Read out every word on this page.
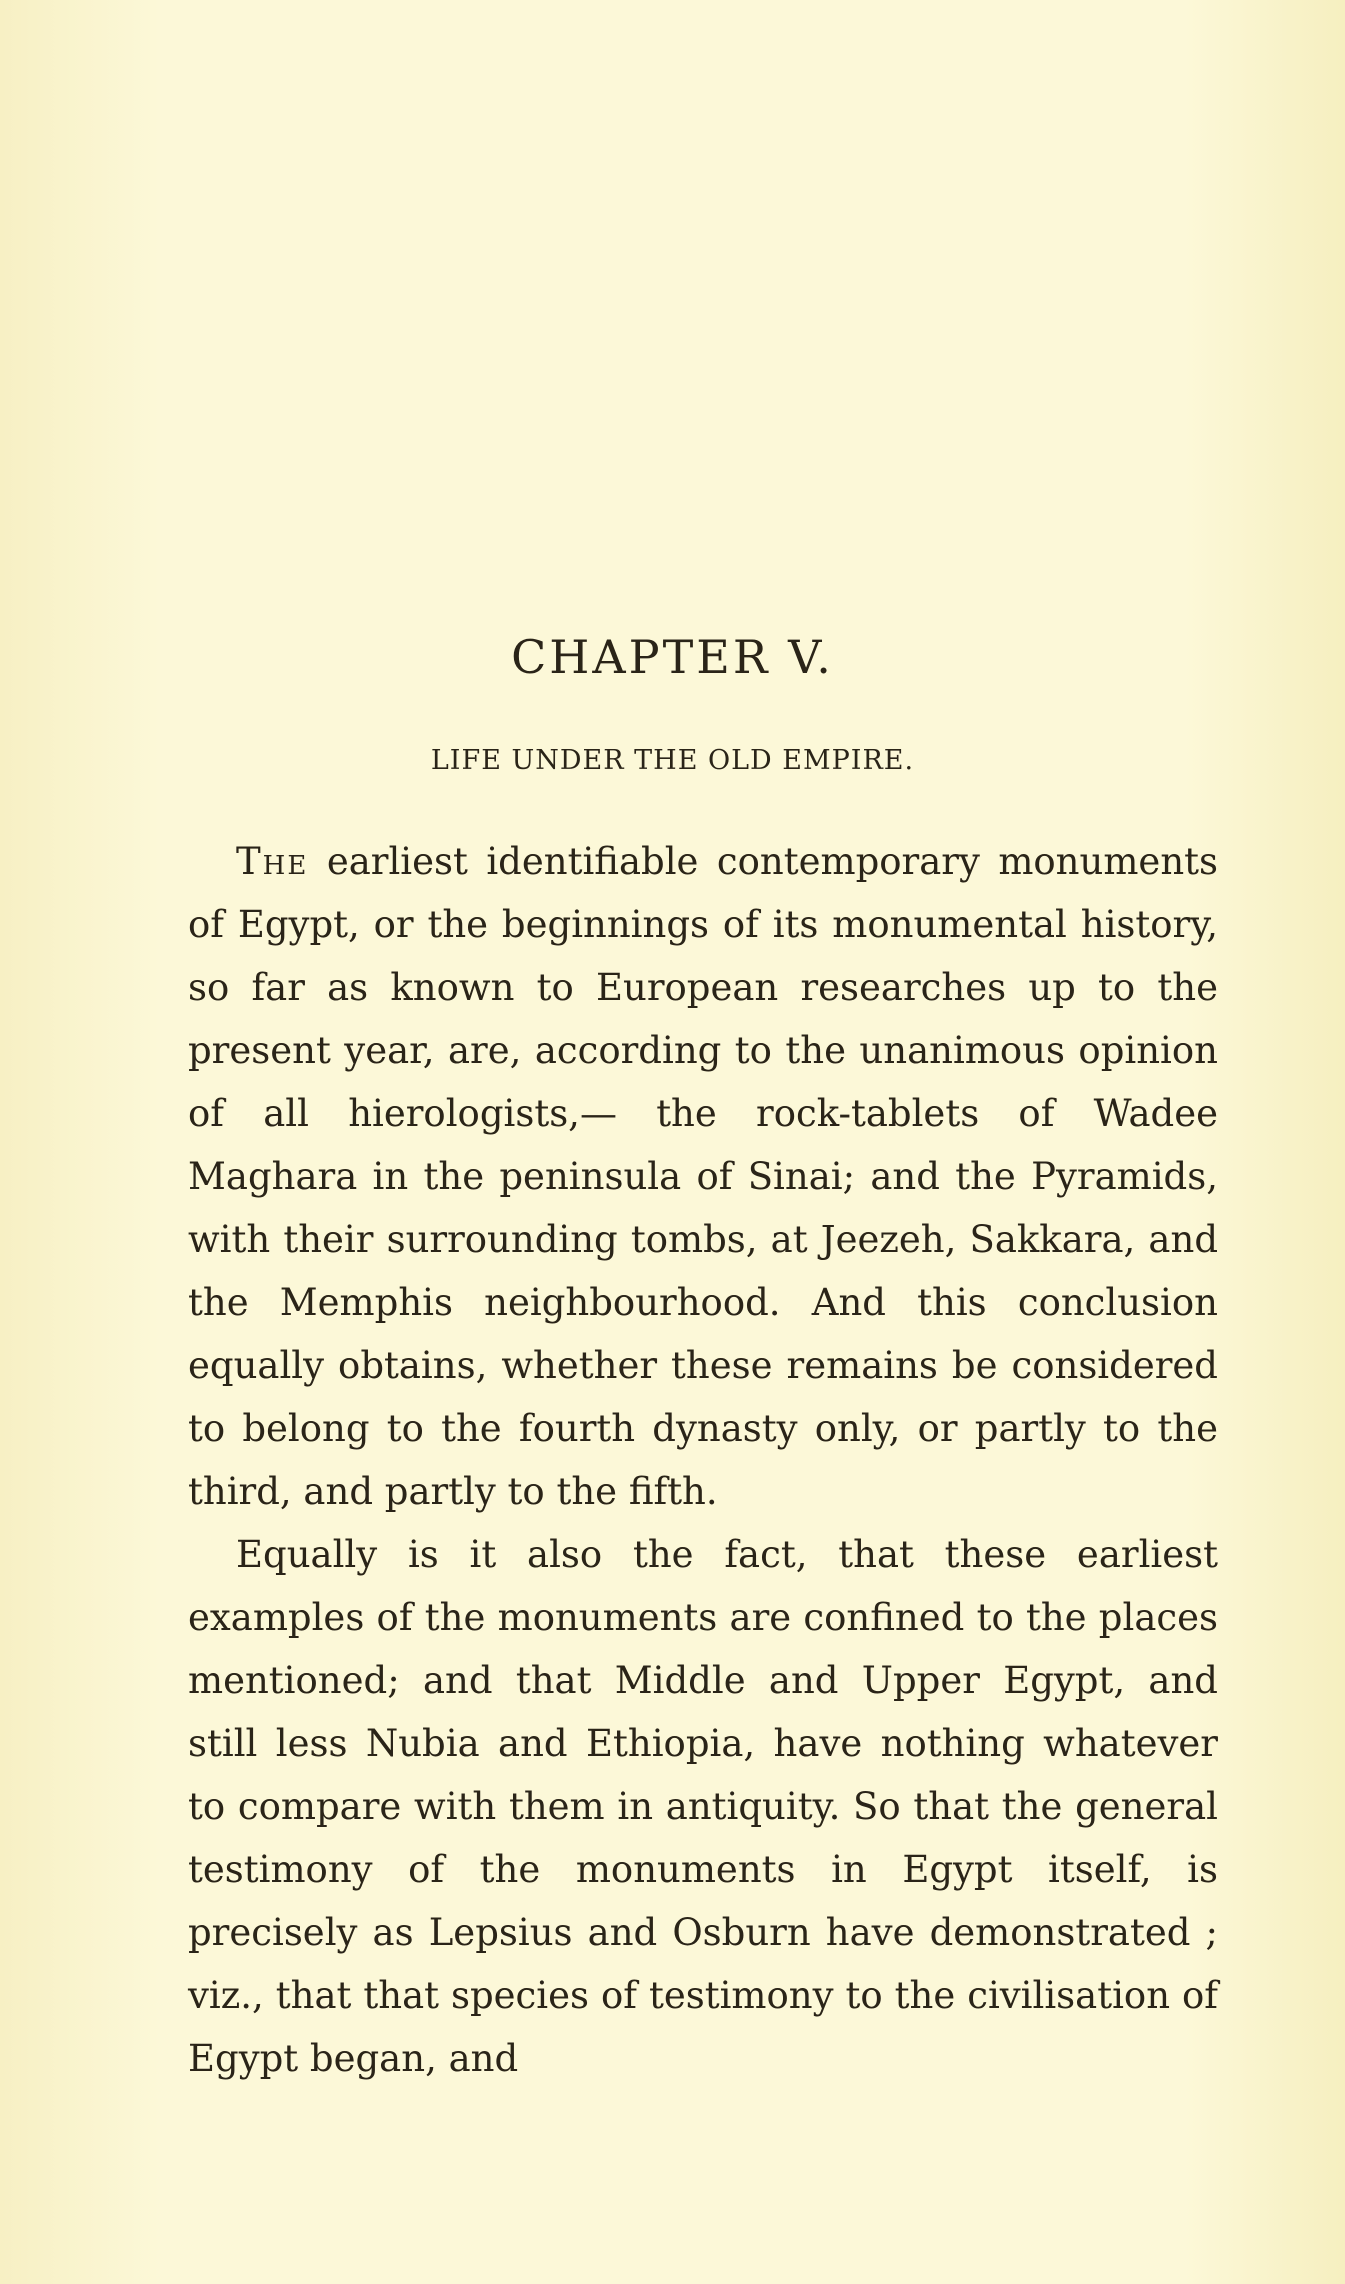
CHAPTER V.
LIFE UNDER THE OLD EMPIRE.

The earliest identifiable contemporary monuments of Egypt, or the beginnings of its monumental history, so far as known to European researches up to the present year, are, according to the unanimous opinion of all hierologists,— the rock-tablets of Wadee Maghara in the peninsula of Sinai; and the Pyramids, with their surrounding tombs, at Jeezeh, Sakkara, and the Memphis neighbourhood. And this conclusion equally obtains, whether these remains be considered to belong to the fourth dynasty only, or partly to the third, and partly to the fifth.

Equally is it also the fact, that these earliest examples of the monuments are confined to the places mentioned; and that Middle and Upper Egypt, and still less Nubia and Ethiopia, have nothing whatever to compare with them in antiquity. So that the general testimony of the monuments in Egypt itself, is precisely as Lepsius and Osburn have demonstrated ; viz., that that species of testimony to the civilisation of Egypt began, and
